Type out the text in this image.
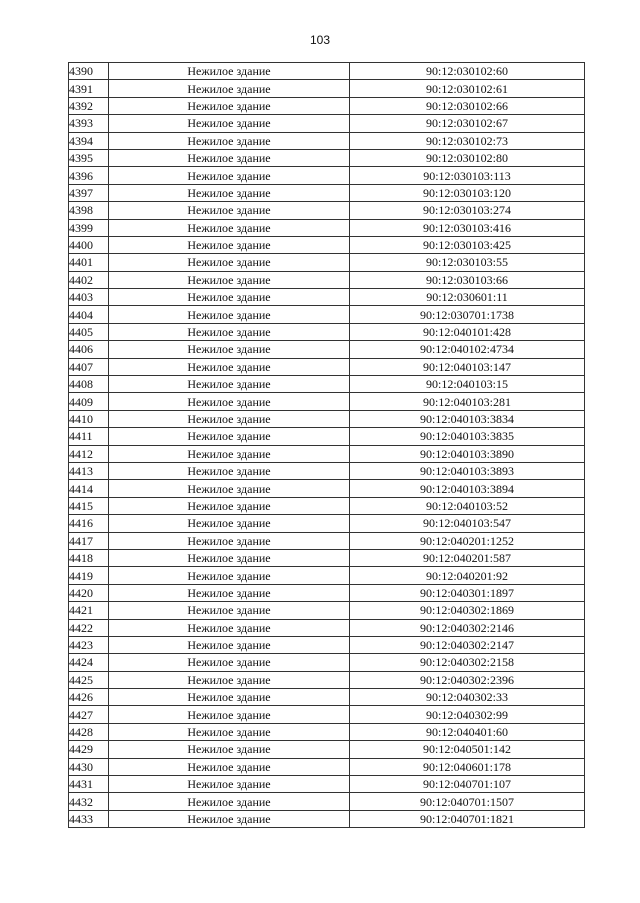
103
4390	Нежилое здание	90:12:030102:60
4391	Нежилое здание	90:12:030102:61
4392	Нежилое здание	90:12:030102:66
4393	Нежилое здание	90:12:030102:67
4394	Нежилое здание	90:12:030102:73
4395	Нежилое здание	90:12:030102:80
4396	Нежилое здание	90:12:030103:113
4397	Нежилое здание	90:12:030103:120
4398	Нежилое здание	90:12:030103:274
4399	Нежилое здание	90:12:030103:416
4400	Нежилое здание	90:12:030103:425
4401	Нежилое здание	90:12:030103:55
4402	Нежилое здание	90:12:030103:66
4403	Нежилое здание	90:12:030601:11
4404	Нежилое здание	90:12:030701:1738
4405	Нежилое здание	90:12:040101:428
4406	Нежилое здание	90:12:040102:4734
4407	Нежилое здание	90:12:040103:147
4408	Нежилое здание	90:12:040103:15
4409	Нежилое здание	90:12:040103:281
4410	Нежилое здание	90:12:040103:3834
4411	Нежилое здание	90:12:040103:3835
4412	Нежилое здание	90:12:040103:3890
4413	Нежилое здание	90:12:040103:3893
4414	Нежилое здание	90:12:040103:3894
4415	Нежилое здание	90:12:040103:52
4416	Нежилое здание	90:12:040103:547
4417	Нежилое здание	90:12:040201:1252
4418	Нежилое здание	90:12:040201:587
4419	Нежилое здание	90:12:040201:92
4420	Нежилое здание	90:12:040301:1897
4421	Нежилое здание	90:12:040302:1869
4422	Нежилое здание	90:12:040302:2146
4423	Нежилое здание	90:12:040302:2147
4424	Нежилое здание	90:12:040302:2158
4425	Нежилое здание	90:12:040302:2396
4426	Нежилое здание	90:12:040302:33
4427	Нежилое здание	90:12:040302:99
4428	Нежилое здание	90:12:040401:60
4429	Нежилое здание	90:12:040501:142
4430	Нежилое здание	90:12:040601:178
4431	Нежилое здание	90:12:040701:107
4432	Нежилое здание	90:12:040701:1507
4433	Нежилое здание	90:12:040701:1821
